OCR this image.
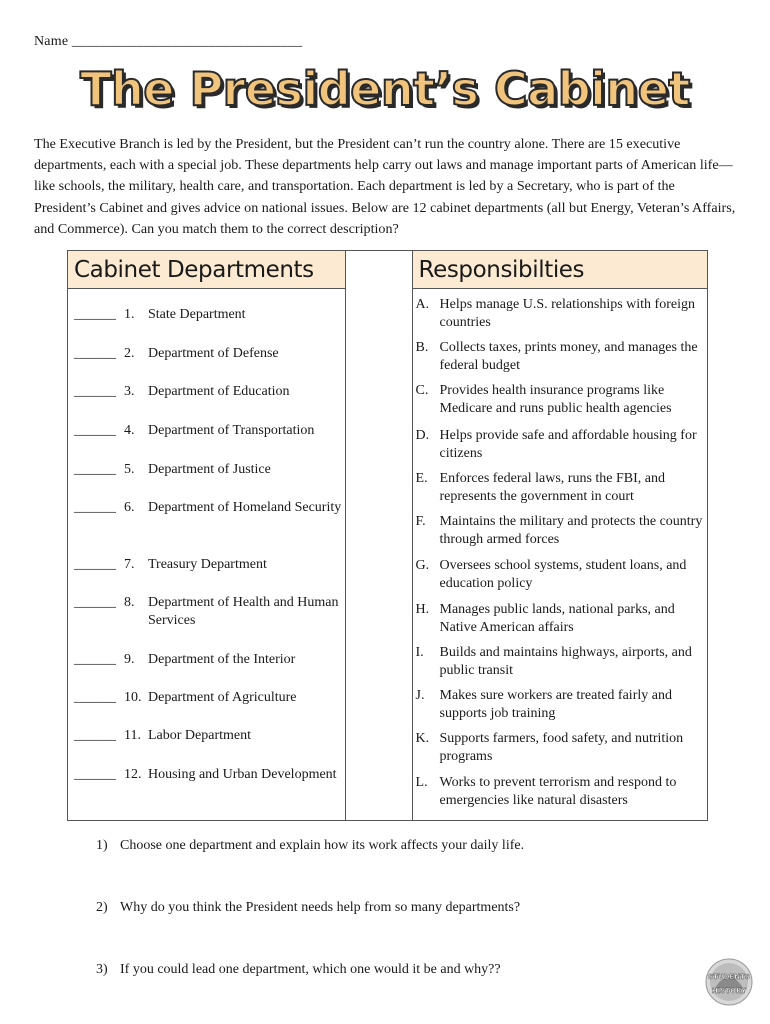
Name ________________________________
The President’s Cabinet

The Executive Branch is led by the President, but the President can’t run the country alone. There are 15 executive departments, each with a special job. These departments help carry out laws and manage important parts of American life—like schools, the military, health care, and transportation. Each department is led by a Secretary, who is part of the President’s Cabinet and gives advice on national issues. Below are 12 cabinet departments (all but Energy, Veteran’s Affairs, and Commerce). Can you match them to the correct description?

Cabinet Departments
______ 1. State Department
______ 2. Department of Defense
______ 3. Department of Education
______ 4. Department of Transportation
______ 5. Department of Justice
______ 6. Department of Homeland Security
______ 7. Treasury Department
______ 8. Department of Health and Human Services
______ 9. Department of the Interior
______ 10. Department of Agriculture
______ 11. Labor Department
______ 12. Housing and Urban Development
Responsibilties
A. Helps manage U.S. relationships with foreign countries
B. Collects taxes, prints money, and manages the federal budget
C. Provides health insurance programs like Medicare and runs public health agencies
D. Helps provide safe and affordable housing for citizens
E. Enforces federal laws, runs the FBI, and represents the government in court
F. Maintains the military and protects the country through armed forces
G. Oversees school systems, student loans, and education policy
H. Manages public lands, national parks, and Native American affairs
I.	Builds and maintains highways, airports, and public transit
J.	Makes sure workers are treated fairly and supports job training
K. Supports farmers, food safety, and nutrition programs
L. Works to prevent terrorism and respond to emergencies like natural disasters
1) Choose one department and explain how its work affects your daily life.
2) Why do you think the President needs help from so many departments?
3) If you could lead one department, which one would it be and why??	STUDENTS
HISTORY
